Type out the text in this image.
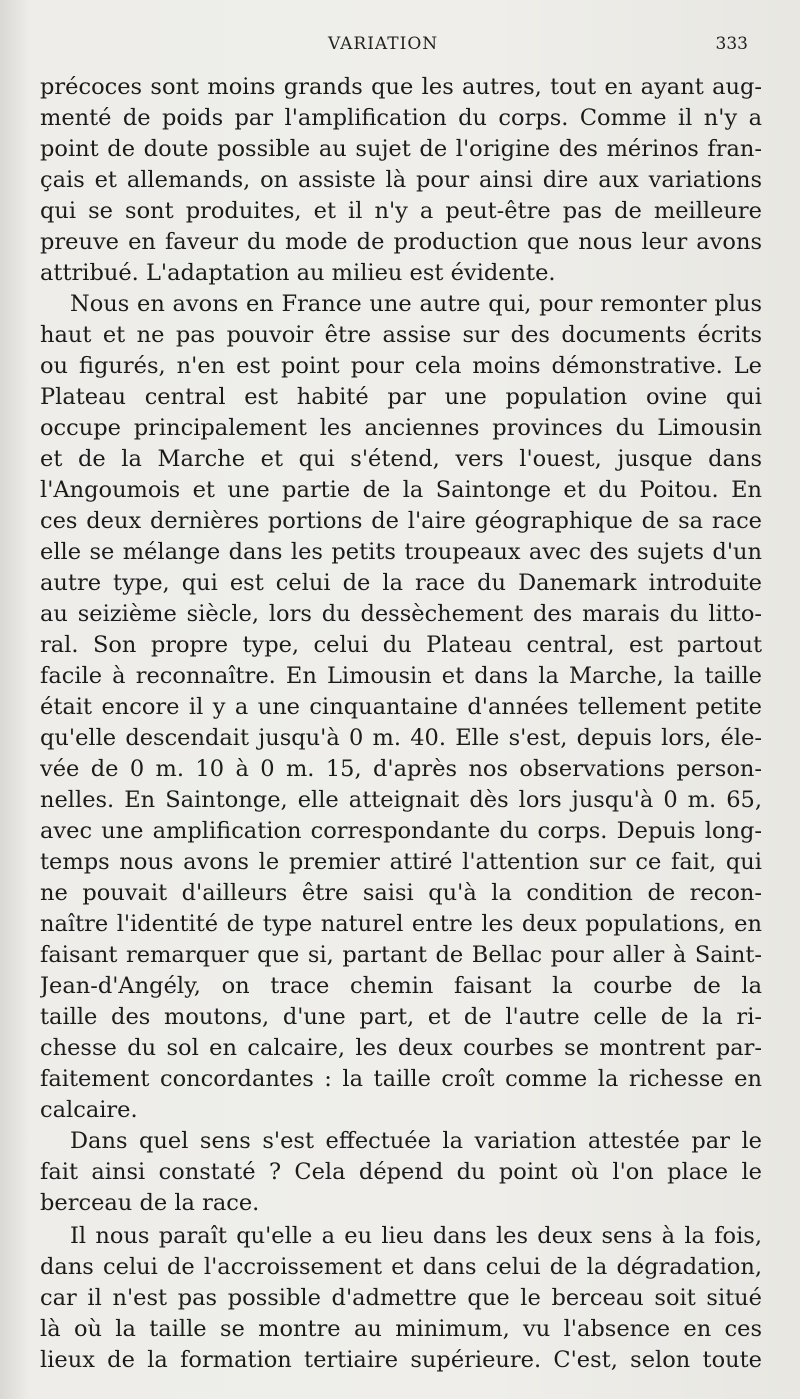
VARIATION	333
précoces sont moins grands que les autres, tout en ayant aug-
menté de poids par l'amplification du corps. Comme il n'y a
point de doute possible au sujet de l'origine des mérinos fran-
çais et allemands, on assiste là pour ainsi dire aux variations
qui se sont produites, et il n'y a peut-être pas de meilleure
preuve en faveur du mode de production que nous leur avons
attribué. L'adaptation au milieu est évidente.
Nous en avons en France une autre qui, pour remonter plus
haut et ne pas pouvoir être assise sur des documents écrits
ou figurés, n'en est point pour cela moins démonstrative. Le
Plateau central est habité par une population ovine qui
occupe principalement les anciennes provinces du Limousin
et de la Marche et qui s'étend, vers l'ouest, jusque dans
l'Angoumois et une partie de la Saintonge et du Poitou. En
ces deux dernières portions de l'aire géographique de sa race
elle se mélange dans les petits troupeaux avec des sujets d'un
autre type, qui est celui de la race du Danemark introduite
au seizième siècle, lors du dessèchement des marais du litto-
ral. Son propre type, celui du Plateau central, est partout
facile à reconnaître. En Limousin et dans la Marche, la taille
était encore il y a une cinquantaine d'années tellement petite
qu'elle descendait jusqu'à 0 m. 40. Elle s'est, depuis lors, éle-
vée de 0 m. 10 à 0 m. 15, d'après nos observations person-
nelles. En Saintonge, elle atteignait dès lors jusqu'à 0 m. 65,
avec une amplification correspondante du corps. Depuis long-
temps nous avons le premier attiré l'attention sur ce fait, qui
ne pouvait d'ailleurs être saisi qu'à la condition de recon-
naître l'identité de type naturel entre les deux populations, en
faisant remarquer que si, partant de Bellac pour aller à Saint-
Jean-d'Angély, on trace chemin faisant la courbe de la
taille des moutons, d'une part, et de l'autre celle de la ri-
chesse du sol en calcaire, les deux courbes se montrent par-
faitement concordantes : la taille croît comme la richesse en
calcaire.
Dans quel sens s'est effectuée la variation attestée par le
fait ainsi constaté ? Cela dépend du point où l'on place le
berceau de la race.
Il nous paraît qu'elle a eu lieu dans les deux sens à la fois,
dans celui de l'accroissement et dans celui de la dégradation,
car il n'est pas possible d'admettre que le berceau soit situé
là où la taille se montre au minimum, vu l'absence en ces
lieux de la formation tertiaire supérieure. C'est, selon toute
